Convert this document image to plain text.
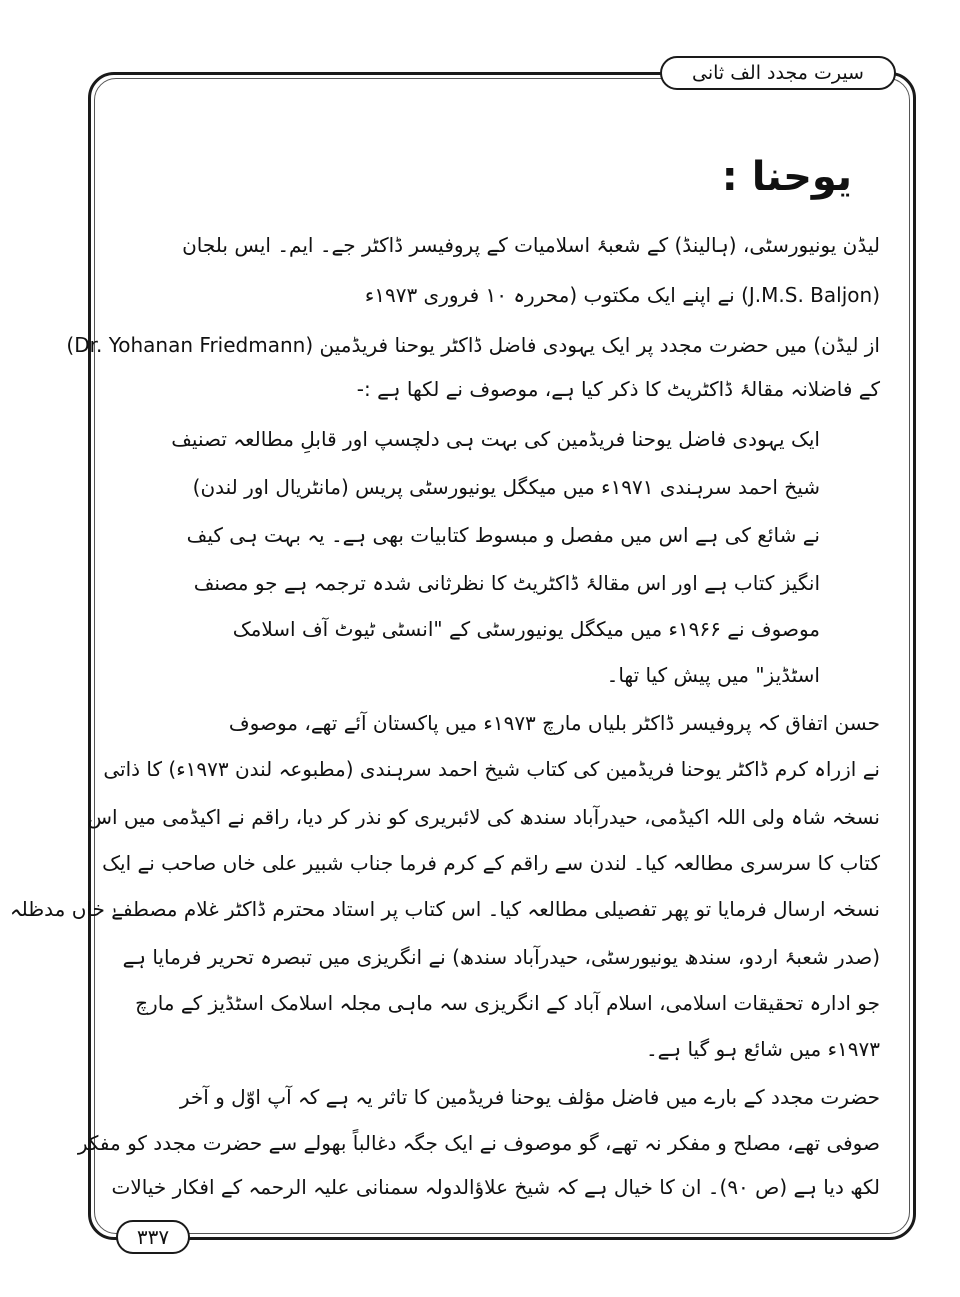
سیرت مجدد الف ثانی
یوحنا :
لیڈن یونیورسٹی، (ہالینڈ) کے شعبۂ اسلامیات کے پروفیسر ڈاکٹر جے۔ ایم۔ ایس بلجان
(J.M.S. Baljon) نے اپنے ایک مکتوب (محررہ ۱۰ فروری ۱۹۷۳ء
از لیڈن) میں حضرت مجدد پر ایک یہودی فاضل ڈاکٹر یوحنا فریڈمین (Dr. Yohanan Friedmann)
کے فاضلانہ مقالۂ ڈاکٹریٹ کا ذکر کیا ہے، موصوف نے لکھا ہے :-
ایک یہودی فاضل یوحنا فریڈمین کی بہت ہی دلچسپ اور قابلِ مطالعہ تصنیف
شیخ احمد سرہندی ۱۹۷۱ء میں میکگل یونیورسٹی پریس (مانٹریال اور لندن)
نے شائع کی ہے اس میں مفصل و مبسوط کتابیات بھی ہے۔ یہ بہت ہی کیف
انگیز کتاب ہے اور اس مقالۂ ڈاکٹریٹ کا نظرثانی شدہ ترجمہ ہے جو مصنف
موصوف نے ۱۹۶۶ء میں میکگل یونیورسٹی کے "انسٹی ٹیوٹ آف اسلامک
اسٹڈیز" میں پیش کیا تھا۔
حسن اتفاق کہ پروفیسر ڈاکٹر بلیاں مارچ ۱۹۷۳ء میں پاکستان آئے تھے، موصوف
نے ازراہ کرم ڈاکٹر یوحنا فریڈمین کی کتاب شیخ احمد سرہندی (مطبوعہ لندن ۱۹۷۳ء) کا ذاتی
نسخہ شاہ ولی اللہ اکیڈمی، حیدرآباد سندھ کی لائبریری کو نذر کر دیا، راقم نے اکیڈمی میں اس
کتاب کا سرسری مطالعہ کیا۔ لندن سے راقم کے کرم فرما جناب شبیر علی خاں صاحب نے ایک
نسخہ ارسال فرمایا تو پھر تفصیلی مطالعہ کیا۔ اس کتاب پر استاد محترم ڈاکٹر غلام مصطفےٰ خاں مدظلہ
(صدر شعبۂ اردو، سندھ یونیورسٹی، حیدرآباد سندھ) نے انگریزی میں تبصرہ تحریر فرمایا ہے
جو ادارہ تحقیقات اسلامی، اسلام آباد کے انگریزی سہ ماہی مجلہ اسلامک اسٹڈیز کے مارچ
۱۹۷۳ء میں شائع ہو گیا ہے۔
حضرت مجدد کے بارے میں فاضل مؤلف یوحنا فریڈمین کا تاثر یہ ہے کہ آپ اوّل و آخر
صوفی تھے، مصلح و مفکر نہ تھے، گو موصوف نے ایک جگہ دغالباً بھولے سے حضرت مجدد کو مفکر
لکھ دیا ہے (ص ۹۰)۔ ان کا خیال ہے کہ شیخ علاؤالدولہ سمنانی علیہ الرحمہ کے افکار خیالات
۳۳۷
